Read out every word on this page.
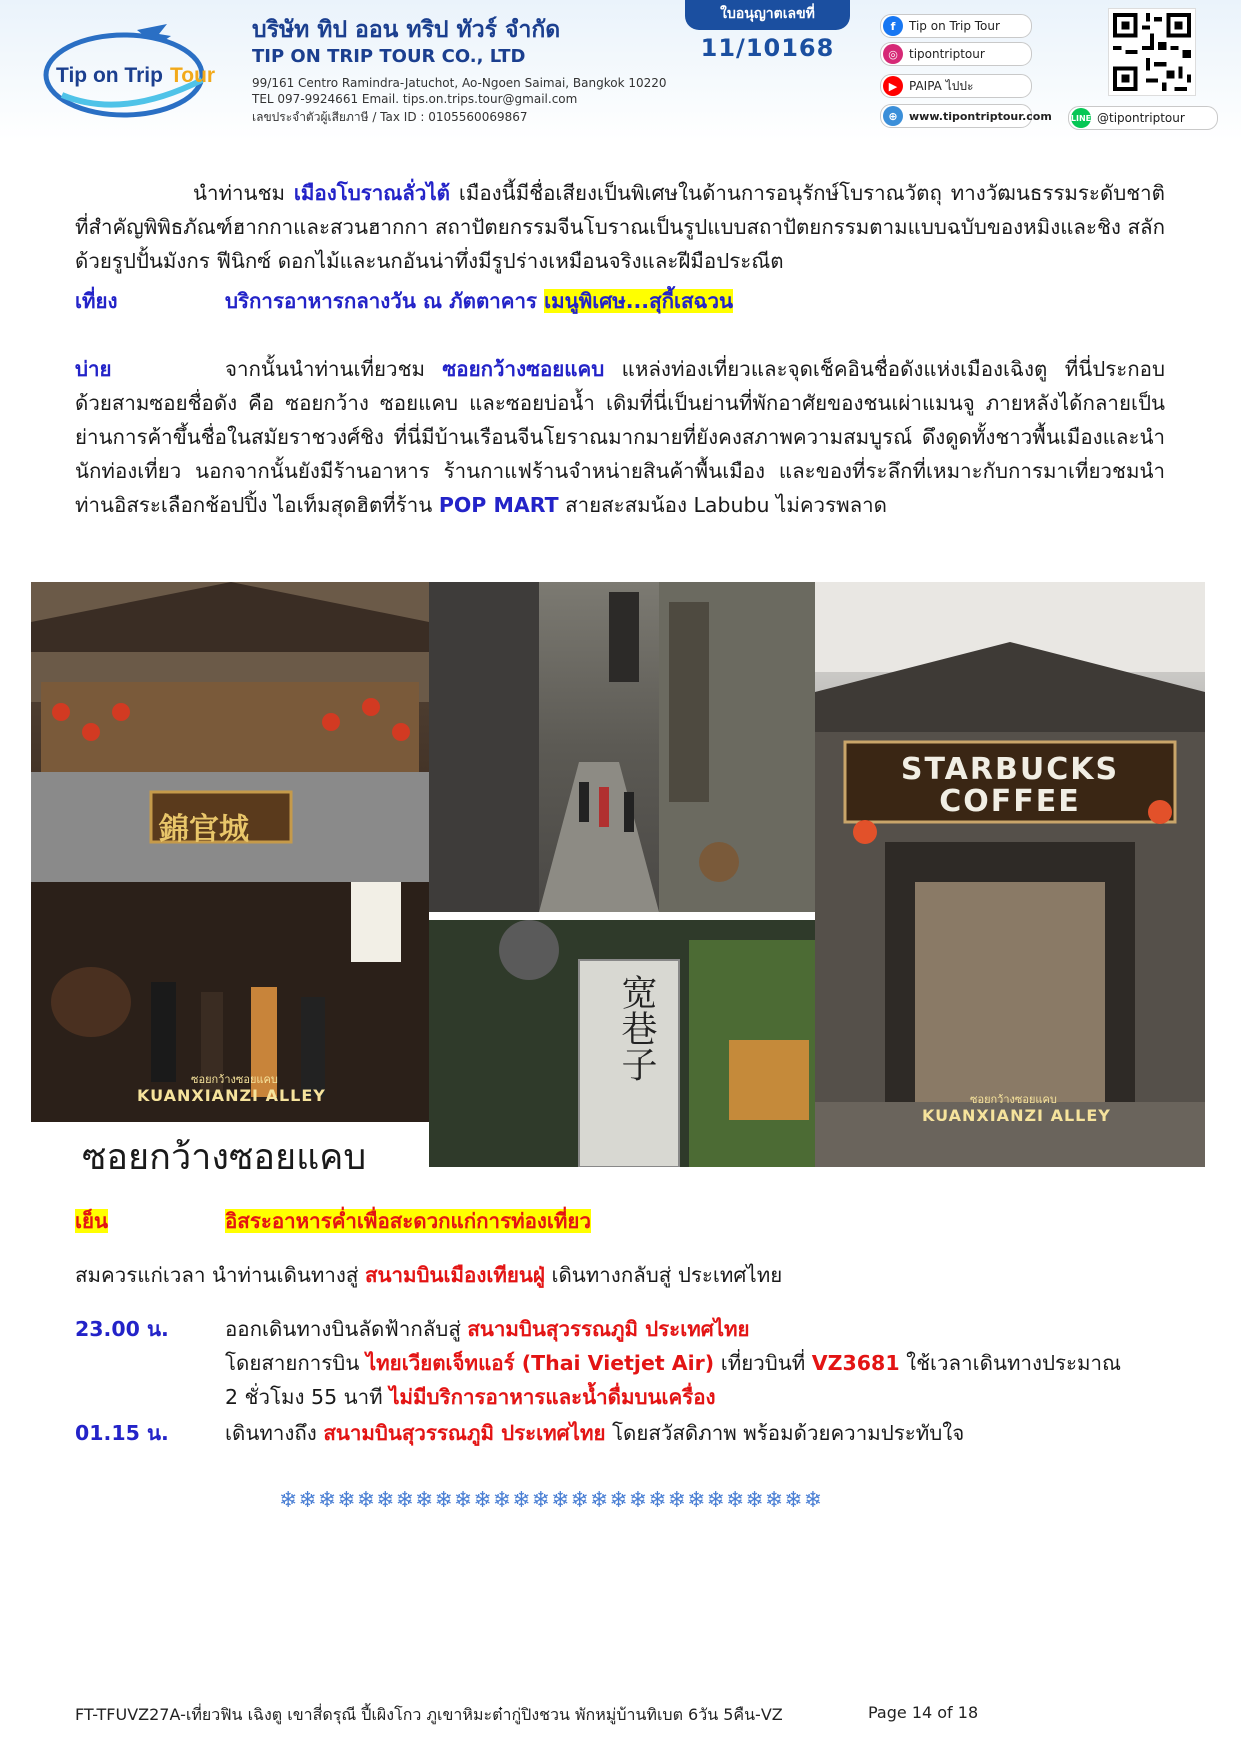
Tip on Trip Tour
บริษัท ทิป ออน ทริป ทัวร์ จำกัด
TIP ON TRIP TOUR CO., LTD
99/161 Centro Ramindra-Jatuchot, Ao-Ngoen Saimai, Bangkok 10220
TEL 097-9924661 Email. tips.on.trips.tour@gmail.com
เลขประจำตัวผู้เสียภาษี / Tax ID : 0105560069867
ใบอนุญาตเลขที่
11/10168
f	Tip on Trip Tour
◎ tipontriptour
▶ PAIPA ไปปะ
⊕	www.tipontriptour.com LINE @tipontriptour
นำท่านชม เมืองโบราณลั่วไต้ เมืองนี้มีชื่อเสียงเป็นพิเศษในด้านการอนุรักษ์โบราณวัตถุ ทางวัฒนธรรมระดับชาติที่สำคัญพิพิธภัณฑ์ฮากกาและสวนฮากกา สถาปัตยกรรมจีนโบราณเป็นรูปแบบสถาปัตยกรรมตามแบบฉบับของหมิงและชิง สลักด้วยรูปปั้นมังกร ฟีนิกซ์ ดอกไม้และนกอันน่าทึ่งมีรูปร่างเหมือนจริงและฝีมือประณีต
เที่ยง	บริการอาหารกลางวัน ณ ภัตตาคาร เมนูพิเศษ...สุกี้เสฉวน
บ่าย	จากนั้นนำท่านเที่ยวชม ซอยกว้างซอยแคบ แหล่งท่องเที่ยวและจุดเช็คอินชื่อดังแห่งเมืองเฉิงตู ที่นี่ประกอบด้วยสามซอยชื่อดัง คือ ซอยกว้าง ซอยแคบ และซอยบ่อน้ำ เดิมที่นี่เป็นย่านที่พักอาศัยของชนเผ่าแมนจู ภายหลังได้กลายเป็นย่านการค้าขึ้นชื่อในสมัยราชวงศ์ชิง ที่นี่มีบ้านเรือนจีนโยราณมากมายที่ยังคงสภาพความสมบูรณ์ ดึงดูดทั้งชาวพื้นเมืองและนำนักท่องเที่ยว นอกจากนั้นยังมีร้านอาหาร ร้านกาแฟร้านจำหน่ายสินค้าพื้นเมือง และของที่ระลึกที่เหมาะกับการมาเที่ยวชมนำท่านอิสระเลือกช้อปปิ้ง ไอเท็มสุดฮิตที่ร้าน POP MART สายสะสมน้อง Labubu ไม่ควรพลาด
錦官城
ซอยกว้างซอยแคบ
KUANXIANZI ALLEY
宽巷子
STARBUCKS
COFFEE
ซอยกว้างซอยแคบ
KUANXIANZI ALLEY
ซอยกว้างซอยแคบ
เย็น	อิสระอาหารค่ำเพื่อสะดวกแก่การท่องเที่ยว
สมควรแก่เวลา นำท่านเดินทางสู่ สนามบินเมืองเทียนฝู่ เดินทางกลับสู่ ประเทศไทย
23.00 น.	ออกเดินทางบินลัดฟ้ากลับสู่ สนามบินสุวรรณภูมิ ประเทศไทย
โดยสายการบิน ไทยเวียตเจ็ทแอร์ (Thai Vietjet Air) เที่ยวบินที่ VZ3681 ใช้เวลาเดินทางประมาณ
2 ชั่วโมง 55 นาที ไม่มีบริการอาหารและน้ำดื่มบนเครื่อง
01.15 น.	เดินทางถึง สนามบินสุวรรณภูมิ ประเทศไทย โดยสวัสดิภาพ พร้อมด้วยความประทับใจ
❄❄❄❄❄❄❄❄❄❄❄❄❄❄❄❄❄❄❄❄❄❄❄❄❄❄❄❄
FT-TFUVZ27A-เที่ยวฟิน เฉิงตู เขาสี่ดรุณี ปี้เผิงโกว ภูเขาหิมะต๋ากู่ปิงชวน พักหมู่บ้านทิเบต 6วัน 5คืน-VZ	Page 14 of 18
